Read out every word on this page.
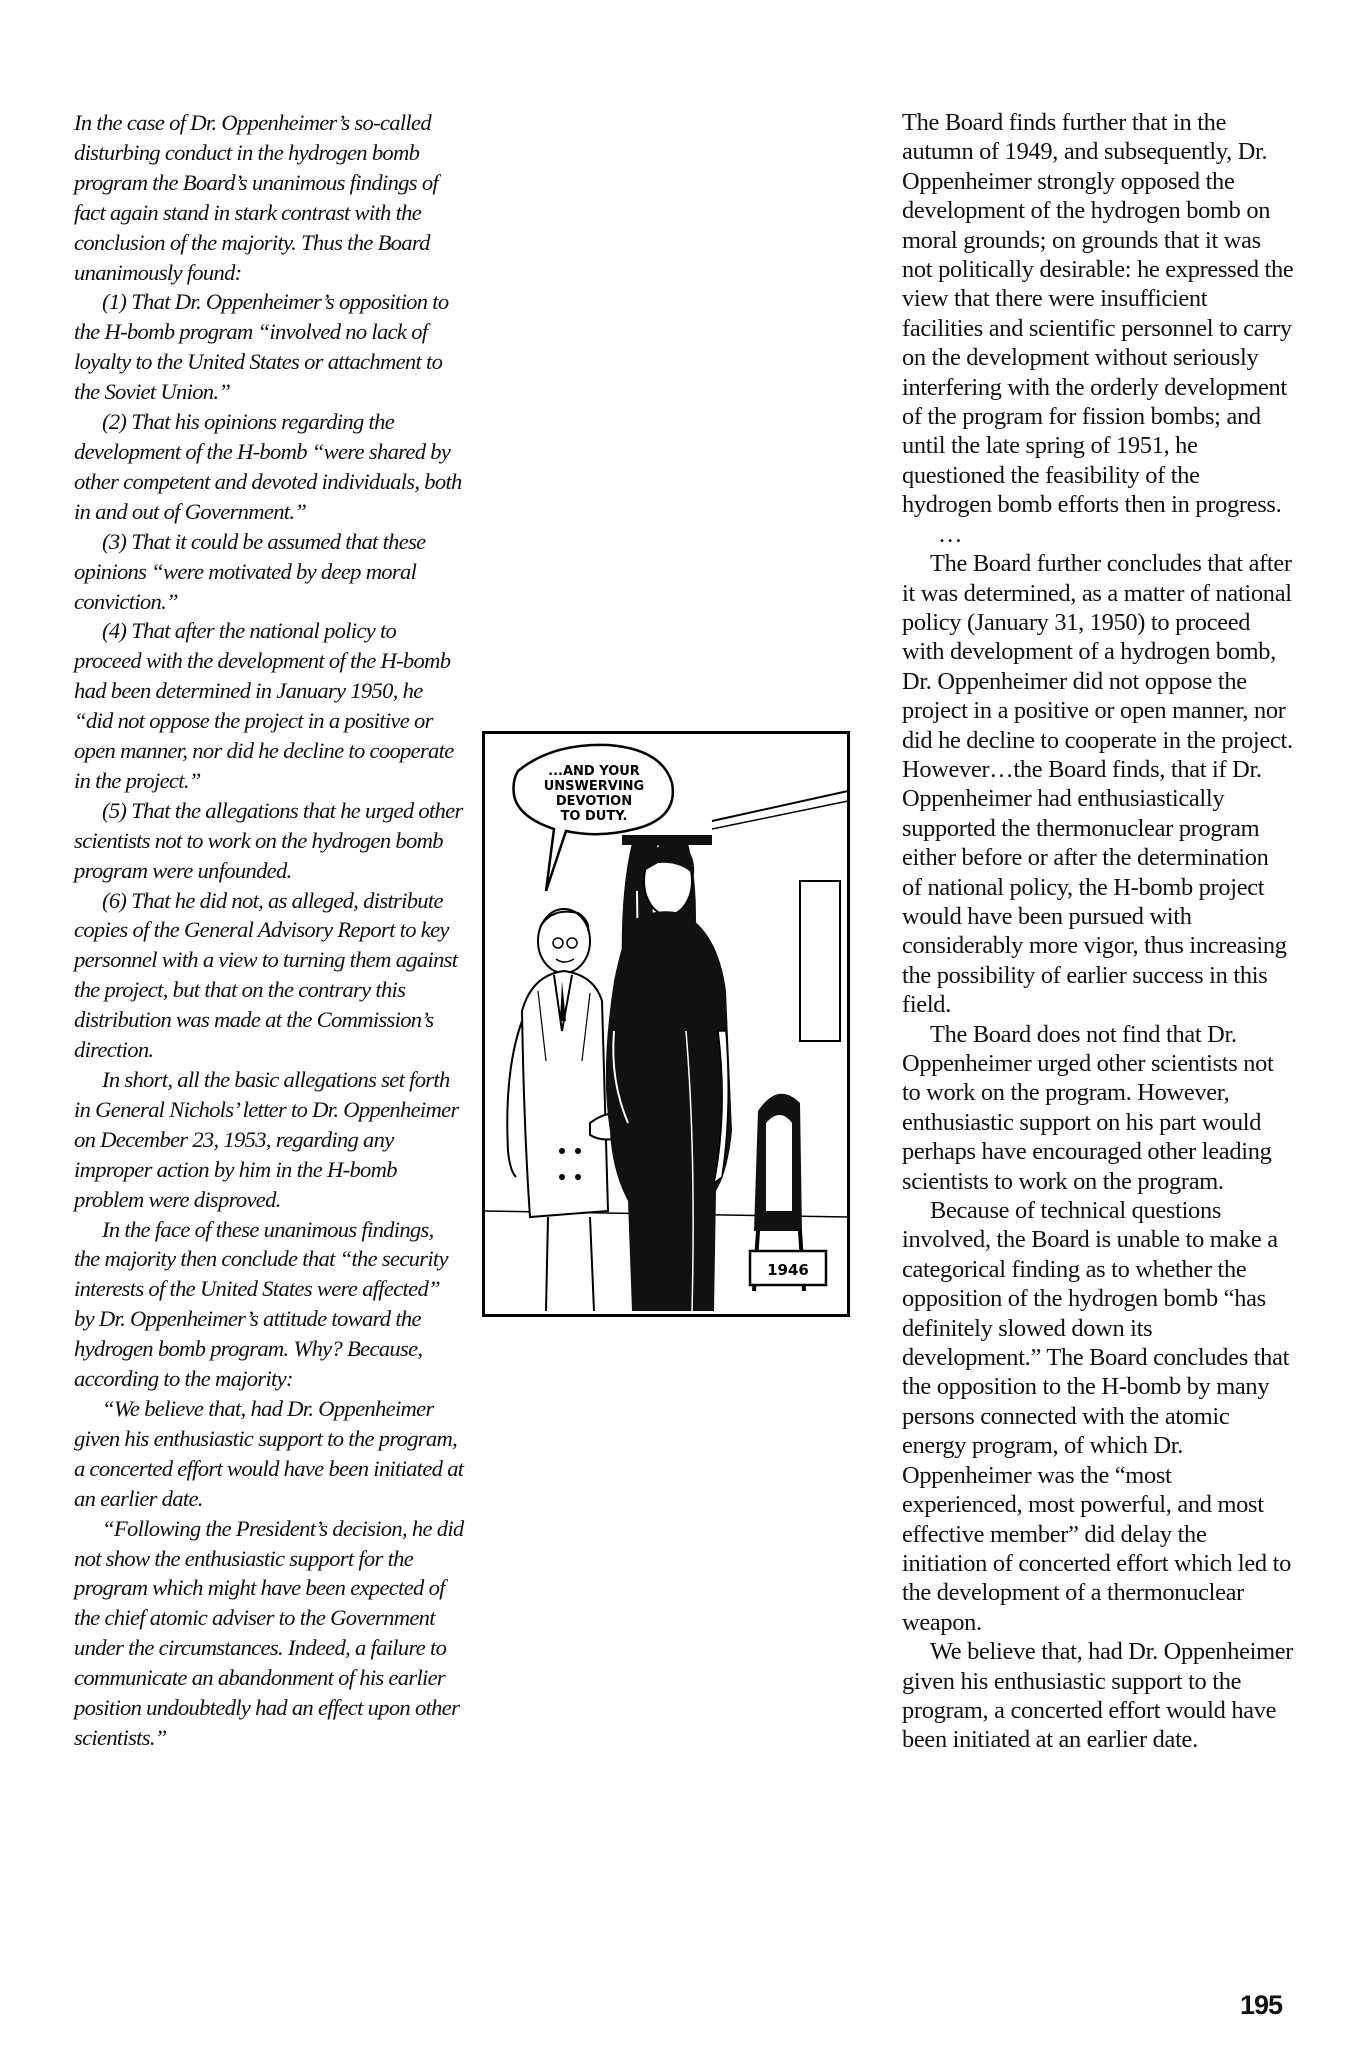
In the case of Dr. Oppenheimer’s so-called disturbing conduct in the hydrogen bomb program the Board’s unanimous findings of fact again stand in stark contrast with the conclusion of the majority. Thus the Board unanimously found:

(1) That Dr. Oppenheimer’s opposition to the H-bomb program “involved no lack of loyalty to the United States or attachment to the Soviet Union.”

(2) That his opinions regarding the development of the H-bomb “were shared by other competent and devoted individuals, both in and out of Government.”

(3) That it could be assumed that these opinions “were motivated by deep moral conviction.”

(4) That after the national policy to proceed with the development of the H-bomb had been determined in January 1950, he “did not oppose the project in a positive or open manner, nor did he decline to cooperate in the project.”

(5) That the allegations that he urged other scientists not to work on the hydrogen bomb program were unfounded.

(6) That he did not, as alleged, distribute copies of the General Advisory Report to key personnel with a view to turning them against the project, but that on the contrary this distribution was made at the Commission’s direction.

In short, all the basic allegations set forth in General Nichols’ letter to Dr. Oppenheimer on December 23, 1953, regarding any improper action by him in the H-bomb problem were disproved.

In the face of these unanimous findings, the majority then conclude that “the security interests of the United States were affected” by Dr. Oppenheimer’s attitude toward the hydrogen bomb program. Why? Because, according to the majority:

“We believe that, had Dr. Oppenheimer given his enthusiastic support to the program, a concerted effort would have been initiated at an earlier date.

“Following the President’s decision, he did not show the enthusiastic support for the program which might have been expected of the chief atomic adviser to the Government under the circumstances. Indeed, a failure to communicate an abandonment of his earlier position undoubtedly had an effect upon other scientists.”

...AND YOUR
UNSWERVING
DEVOTION
TO DUTY.
1946

The Board finds further that in the autumn of 1949, and subsequently, Dr. Oppenheimer strongly opposed the development of the hydrogen bomb on moral grounds; on grounds that it was not politically desirable: he expressed the view that there were insufficient facilities and scientific personnel to carry on the development without seriously interfering with the orderly development of the program for fission bombs; and until the late spring of 1951, he questioned the feasibility of the hydrogen bomb efforts then in progress.

…

The Board further concludes that after it was determined, as a matter of national policy (January 31, 1950) to proceed with development of a hydrogen bomb, Dr. Oppenheimer did not oppose the project in a positive or open manner, nor did he decline to cooperate in the project. However…the Board finds, that if Dr. Oppenheimer had enthusiastically supported the thermonuclear program either before or after the determination of national policy, the H-bomb project would have been pursued with considerably more vigor, thus increasing the possibility of earlier success in this field.

The Board does not find that Dr. Oppenheimer urged other scientists not to work on the program. However, enthusiastic support on his part would perhaps have encouraged other leading scientists to work on the program.

Because of technical questions involved, the Board is unable to make a categorical finding as to whether the opposition of the hydrogen bomb “has definitely slowed down its development.” The Board concludes that the opposition to the H-bomb by many persons connected with the atomic energy program, of which Dr. Oppenheimer was the “most experienced, most powerful, and most effective member” did delay the initiation of concerted effort which led to the development of a thermonuclear weapon.

We believe that, had Dr. Oppenheimer given his enthusiastic support to the program, a concerted effort would have been initiated at an earlier date.

195
